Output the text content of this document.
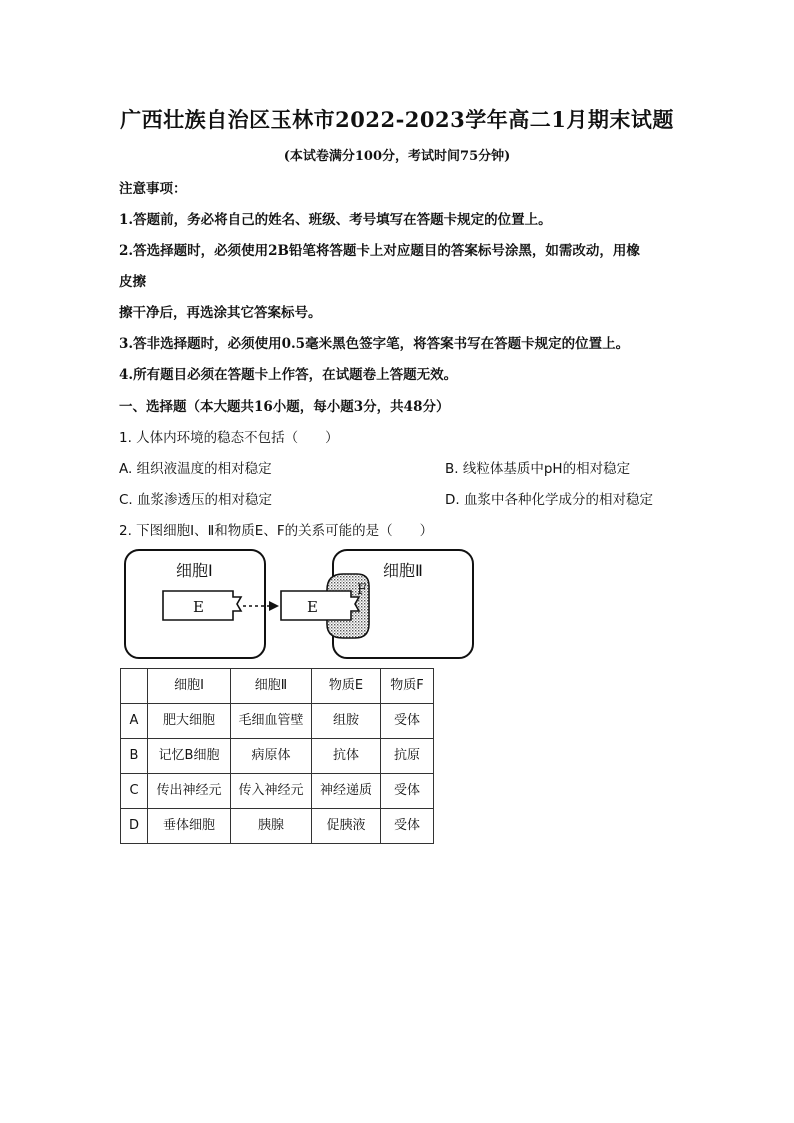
广西壮族自治区玉林市2022-2023学年高二1月期末试题
(本试卷满分100分，考试时间75分钟)
注意事项：
1.答题前，务必将自己的姓名、班级、考号填写在答题卡规定的位置上。
2.答选择题时，必须使用2B铅笔将答题卡上对应题目的答案标号涂黑，如需改动，用橡
皮擦
擦干净后，再选涂其它答案标号。
3.答非选择题时，必须使用0.5毫米黑色签字笔，将答案书写在答题卡规定的位置上。
4.所有题目必须在答题卡上作答，在试题卷上答题无效。
一、选择题（本大题共16小题，每小题3分，共48分）
1. 人体内环境的稳态不包括（　　）
A. 组织液温度的相对稳定	B. 线粒体基质中pH的相对稳定
C. 血浆渗透压的相对稳定	D. 血浆中各种化学成分的相对稳定
2. 下图细胞Ⅰ、Ⅱ和物质E、F的关系可能的是（　　）
细胞Ⅰ	细胞Ⅱ
E	E
F
	细胞Ⅰ	细胞Ⅱ	物质E	物质F
A	肥大细胞	毛细血管壁	组胺	受体
B	记忆B细胞	病原体	抗体	抗原
C	传出神经元	传入神经元	神经递质	受体
D	垂体细胞	胰腺	促胰液	受体
